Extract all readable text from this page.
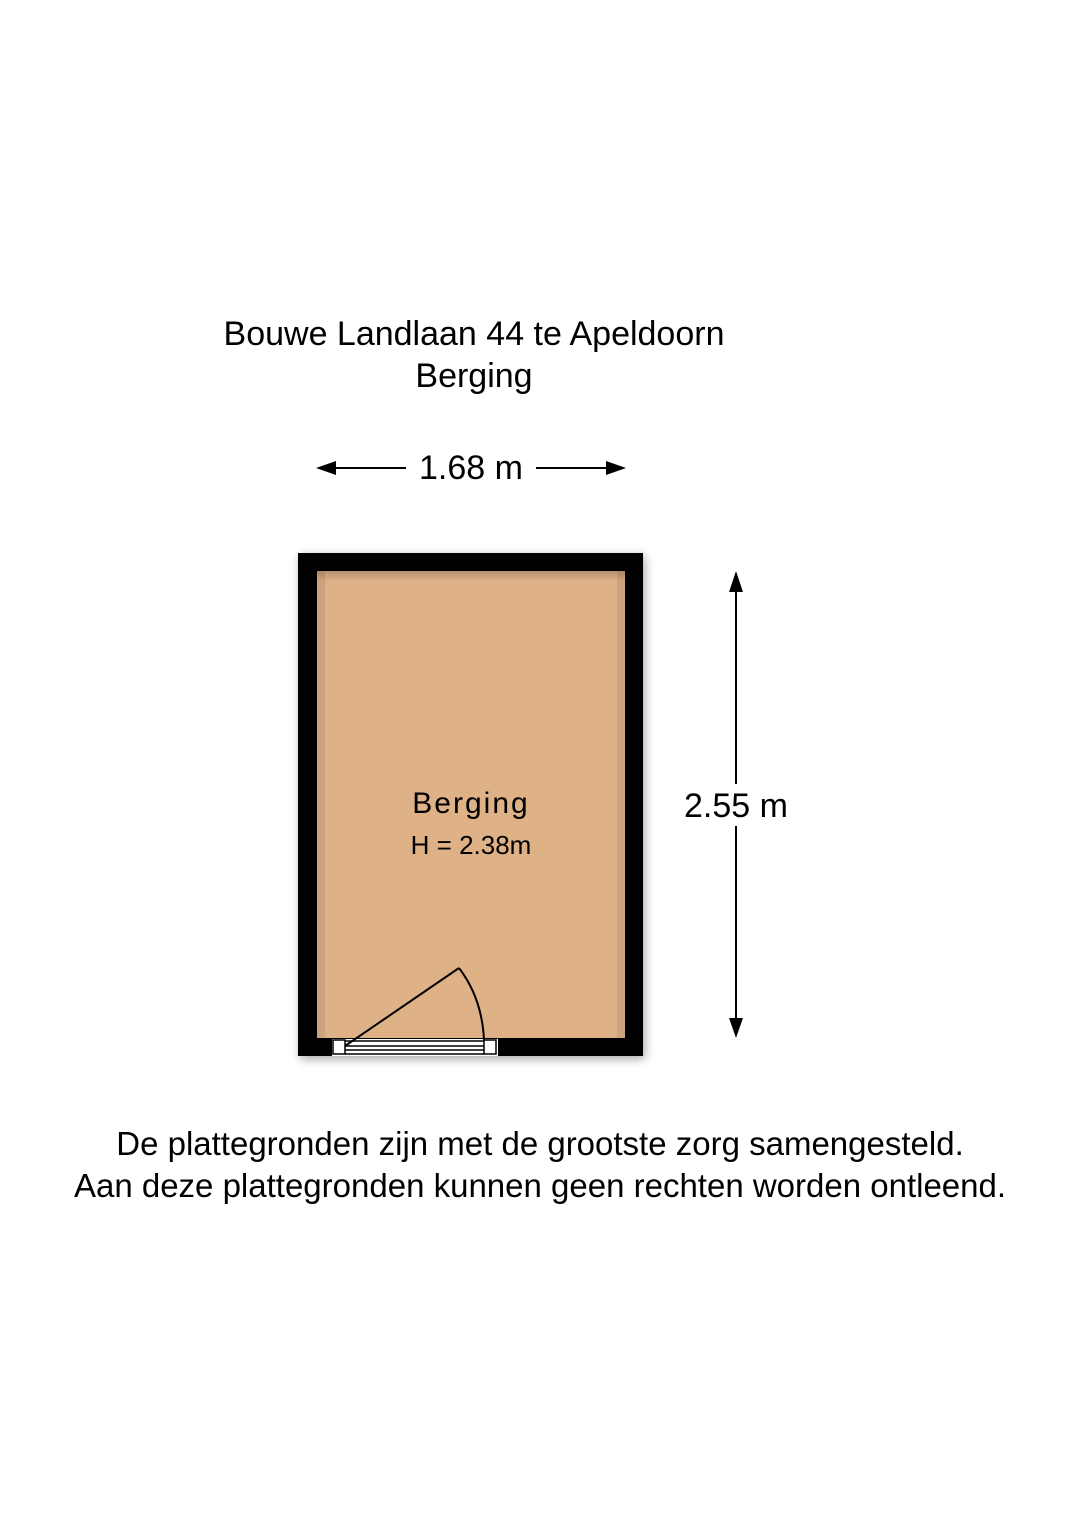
Bouwe Landlaan 44 te Apeldoorn
Berging
1.68 m
2.55 m
Berging
H = 2.38m
De plattegronden zijn met de grootste zorg samengesteld.
Aan deze plattegronden kunnen geen rechten worden ontleend.
